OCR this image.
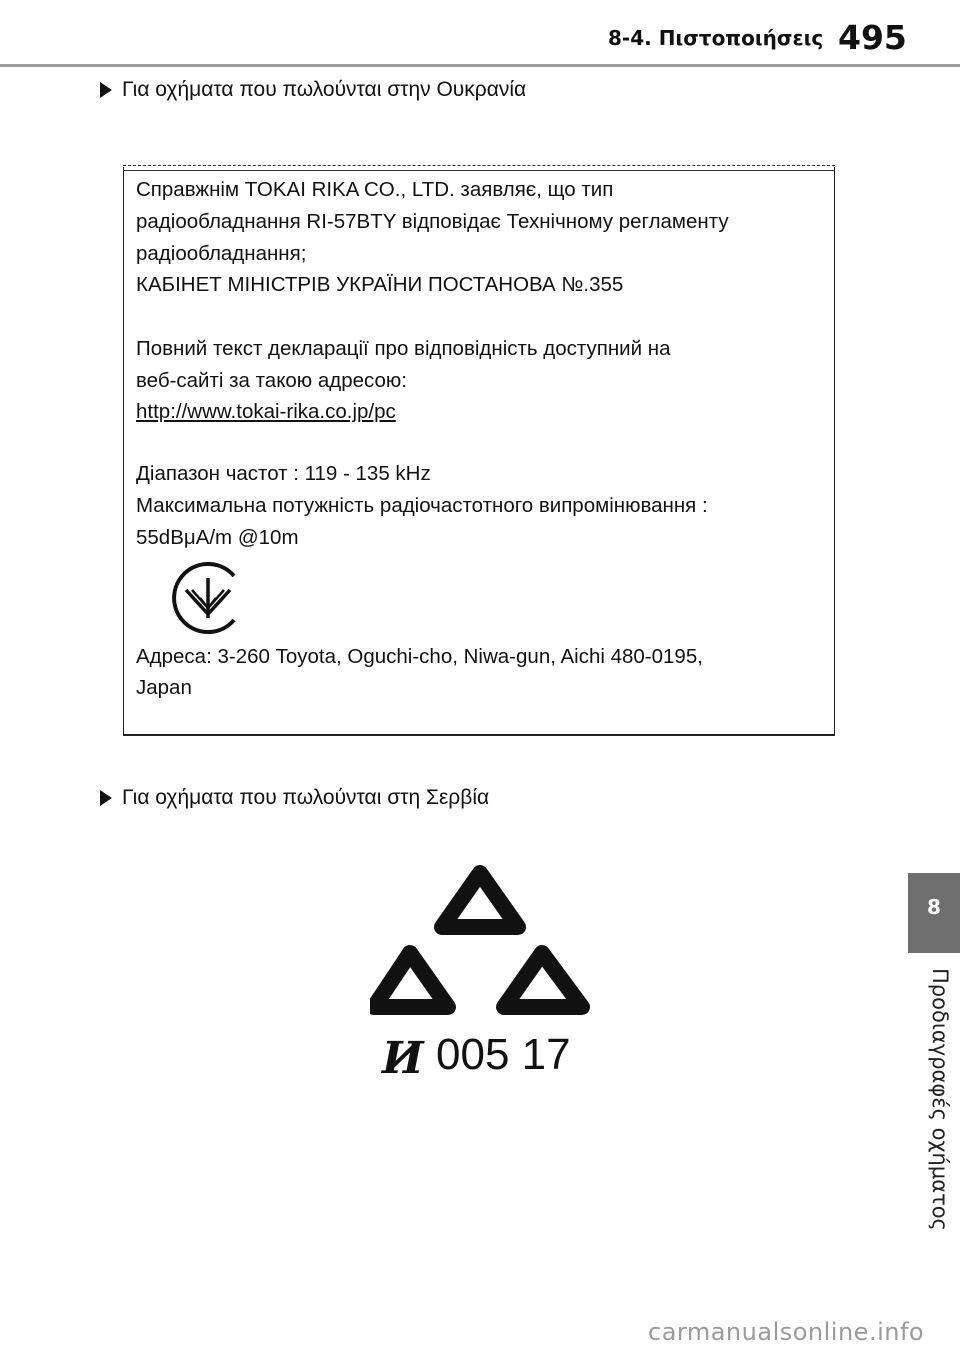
8-4. Πιστοποιήσεις 495
Για οχήματα που πωλούνται στην Ουκρανία
Справжнім TOKAI RIKA CO., LTD. заявляє, що тип
радіообладнання RI-57BTY відповідає Технічному регламенту
радіообладнання;
КАБІНЕТ МІНІСТРІВ УКРАЇНИ ПОСТАНОВА №.355
Повний текст декларації про відповідність доступний на
веб-сайті за такою адресою:
http://www.tokai-rika.co.jp/pc
Діапазон частот : 119 - 135 kHz
Максимальна потужність радіочастотного випромінювання :
55dBμA/m @10m
Адреса: 3-260 Toyota, Oguchi-cho, Niwa-gun, Aichi 480-0195,
Japan
Για οχήματα που πωλούνται στη Σερβία
И 005 17
8
Προδιαγραφές οχήματος
carmanualsonline.info
